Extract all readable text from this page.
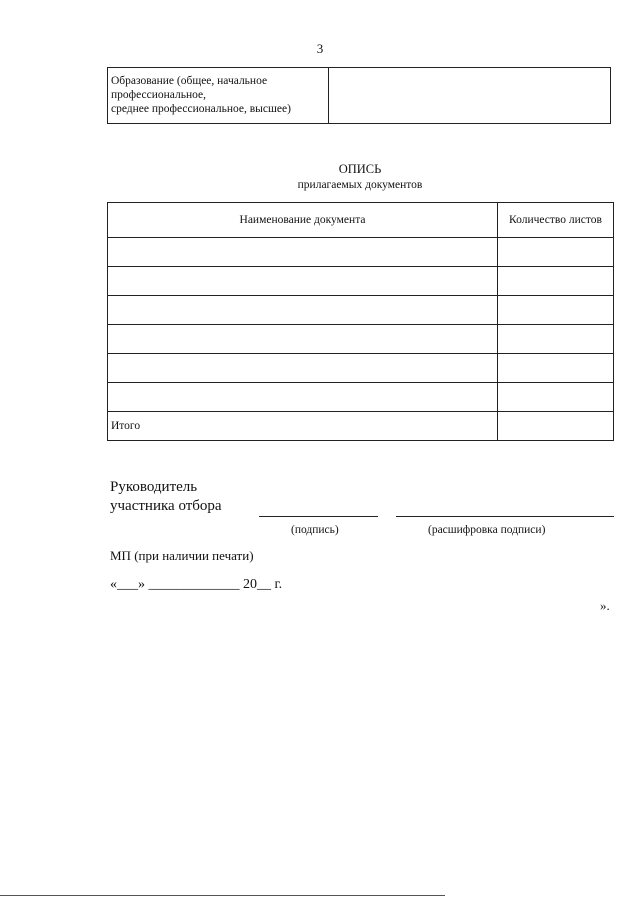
3
Образование (общее, начальное
профессиональное,
среднее профессиональное, высшее)
ОПИСЬ
прилагаемых документов
Наименование документа	Количество листов

Итого	
Руководитель
участника отбора
(подпись)	(расшифровка подписи)
МП (при наличии печати)
«___» _____________ 20__ г.
».
